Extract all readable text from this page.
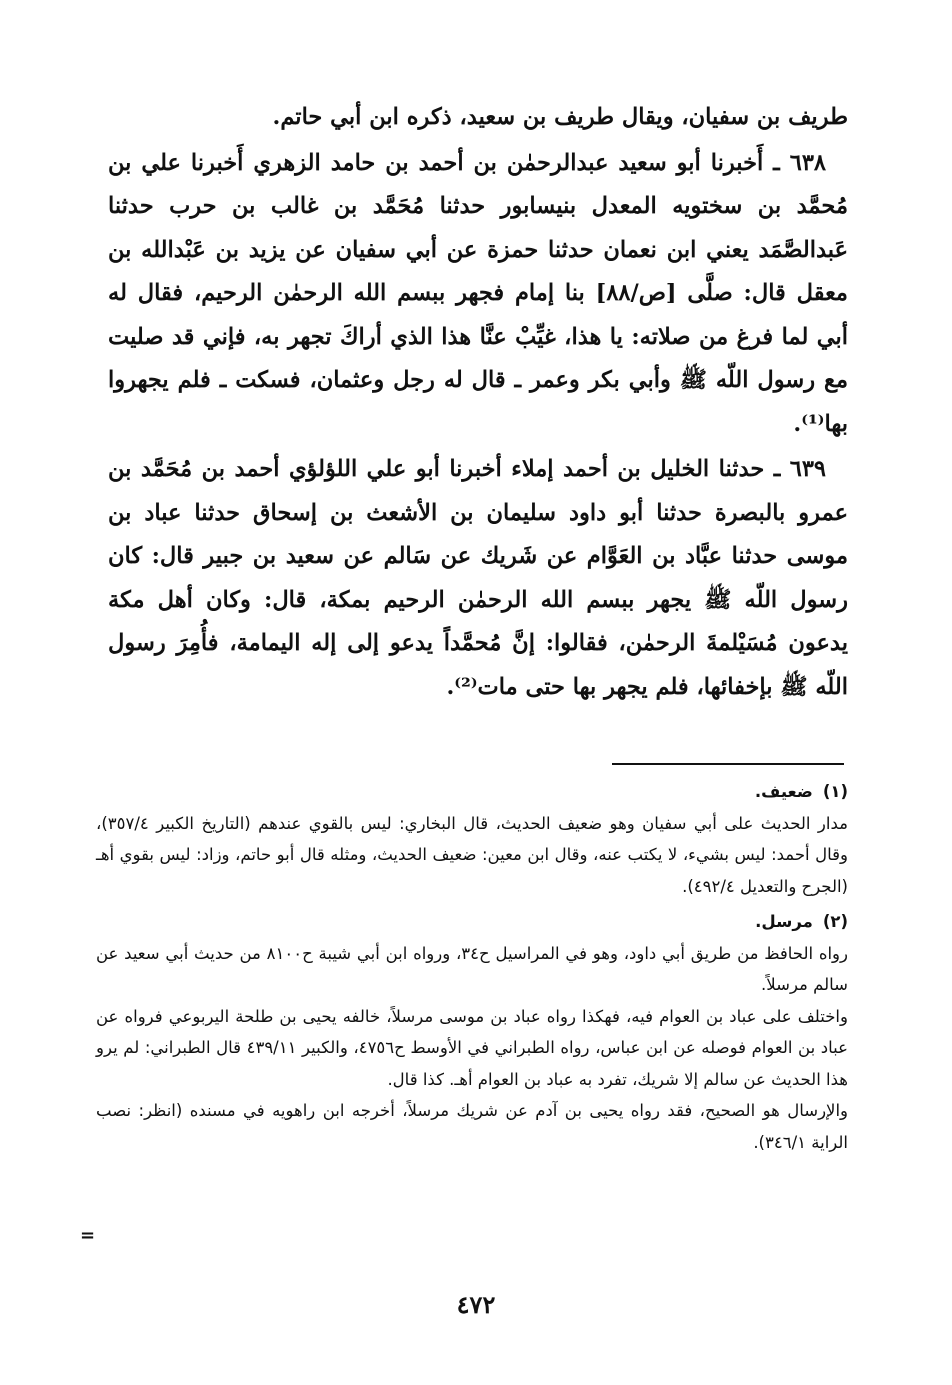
طريف بن سفيان، ويقال طريف بن سعيد، ذكره ابن أبي حاتم.

٦٣٨ ـ أَخبرنا أبو سعيد عبدالرحمٰن بن أحمد بن حامد الزهري أَخبرنا علي بن مُحمَّد بن سختويه المعدل بنيسابور حدثنا مُحَمَّد بن غالب بن حرب حدثنا عَبدالصَّمَد يعني ابن نعمان حدثنا حمزة عن أبي سفيان عن يزيد بن عَبْدالله بن معقل قال: صلَّى [ص/٨٨] بنا إمام فجهر ببسم الله الرحمٰن الرحيم، فقال له أبي لما فرغ من صلاته: يا هذا، غيِّبْ عنَّا هذا الذي أراكَ تجهر به، فإني قد صليت مع رسول اللّه ﷺ وأبي بكر وعمر ـ قال له رجل وعثمان، فسكت ـ فلم يجهروا بها⁽¹⁾.

٦٣٩ ـ حدثنا الخليل بن أحمد إملاء أخبرنا أبو علي اللؤلؤي أحمد بن مُحَمَّد بن عمرو بالبصرة حدثنا أبو داود سليمان بن الأشعث بن إسحاق حدثنا عباد بن موسى حدثنا عبَّاد بن العَوَّام عن شَريك عن سَالم عن سعيد بن جبير قال: كان رسول اللّه ﷺ يجهر ببسم الله الرحمٰن الرحيم بمكة، قال: وكان أهل مكة يدعون مُسَيْلمةَ الرحمٰن، فقالوا: إنَّ مُحمَّداً يدعو إلى إله اليمامة، فأُمِرَ رسول اللّه ﷺ بإخفائها، فلم يجهر بها حتى مات⁽²⁾.

(١)ضعيف.

مدار الحديث على أبي سفيان وهو ضعيف الحديث، قال البخاري: ليس بالقوي عندهم (التاريخ الكبير ٣٥٧/٤)، وقال أحمد: ليس بشيء، لا يكتب عنه، وقال ابن معين: ضعيف الحديث، ومثله قال أبو حاتم، وزاد: ليس بقوي أهـ (الجرح والتعديل ٤٩٢/٤).

(٢)مرسل.

رواه الحافظ من طريق أبي داود، وهو في المراسيل ح٣٤، ورواه ابن أبي شيبة ح٨١٠٠ من حديث أبي سعيد عن سالم مرسلاً.

واختلف على عباد بن العوام فيه، فهكذا رواه عباد بن موسى مرسلاً، خالفه يحيى بن طلحة اليربوعي فرواه عن عباد بن العوام فوصله عن ابن عباس، رواه الطبراني في الأوسط ح٤٧٥٦، والكبير ٤٣٩/١١ قال الطبراني: لم يرو هذا الحديث عن سالم إلا شريك، تفرد به عباد بن العوام أهـ. كذا قال.

والإرسال هو الصحيح، فقد رواه يحيى بن آدم عن شريك مرسلاً، أخرجه ابن راهويه في مسنده (انظر: نصب الراية ٣٤٦/١).

=
٤٧٢
